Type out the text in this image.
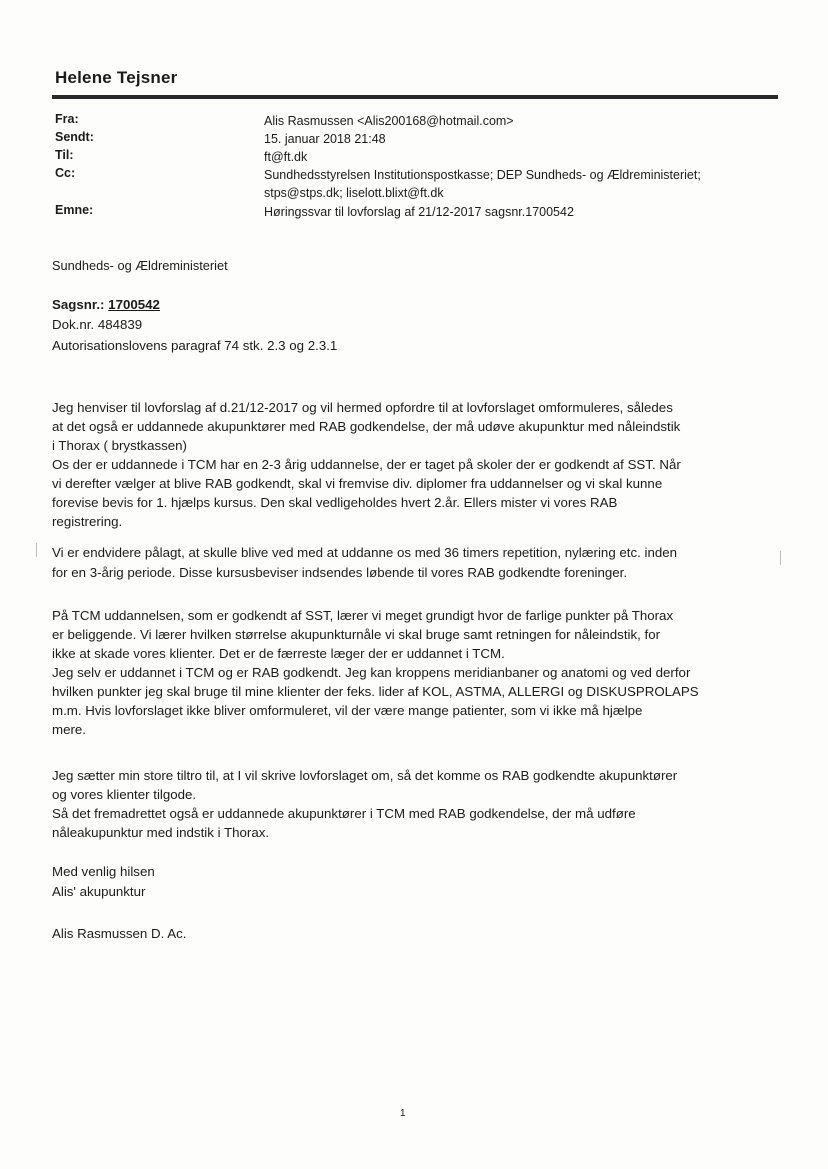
Helene Tejsner
Fra:	Alis Rasmussen <Alis200168@hotmail.com>
Sendt:	15. januar 2018 21:48
Til:	ft@ft.dk
Cc:	Sundhedsstyrelsen Institutionspostkasse; DEP Sundheds- og Ældreministeriet;
stps@stps.dk; liselott.blixt@ft.dk
Emne:	Høringssvar til lovforslag af 21/12-2017 sagsnr.1700542
Sundheds- og Ældreministeriet
Sagsnr.: 1700542
Dok.nr. 484839
Autorisationslovens paragraf 74 stk. 2.3 og 2.3.1
Jeg henviser til lovforslag af d.21/12-2017 og vil hermed opfordre til at lovforslaget omformuleres, således
at det også er uddannede akupunktører med RAB godkendelse, der må udøve akupunktur med nåleindstik
i Thorax ( brystkassen)
Os der er uddannede i TCM har en 2-3 årig uddannelse, der er taget på skoler der er godkendt af SST. Når
vi derefter vælger at blive RAB godkendt, skal vi fremvise div. diplomer fra uddannelser og vi skal kunne
forevise bevis for 1. hjælps kursus. Den skal vedligeholdes hvert 2.år. Ellers mister vi vores RAB
registrering.
Vi er endvidere pålagt, at skulle blive ved med at uddanne os med 36 timers repetition, nylæring etc. inden
for en 3-årig periode. Disse kursusbeviser indsendes løbende til vores RAB godkendte foreninger.
På TCM uddannelsen, som er godkendt af SST, lærer vi meget grundigt hvor de farlige punkter på Thorax
er beliggende. Vi lærer hvilken størrelse akupunkturnåle vi skal bruge samt retningen for nåleindstik, for
ikke at skade vores klienter. Det er de færreste læger der er uddannet i TCM.
Jeg selv er uddannet i TCM og er RAB godkendt. Jeg kan kroppens meridianbaner og anatomi og ved derfor
hvilken punkter jeg skal bruge til mine klienter der feks. lider af KOL, ASTMA, ALLERGI og DISKUSPROLAPS
m.m. Hvis lovforslaget ikke bliver omformuleret, vil der være mange patienter, som vi ikke må hjælpe
mere.
Jeg sætter min store tiltro til, at I vil skrive lovforslaget om, så det komme os RAB godkendte akupunktører
og vores klienter tilgode.
Så det fremadrettet også er uddannede akupunktører i TCM med RAB godkendelse, der må udføre
nåleakupunktur med indstik i Thorax.
Med venlig hilsen
Alis' akupunktur
Alis Rasmussen D. Ac.
1
